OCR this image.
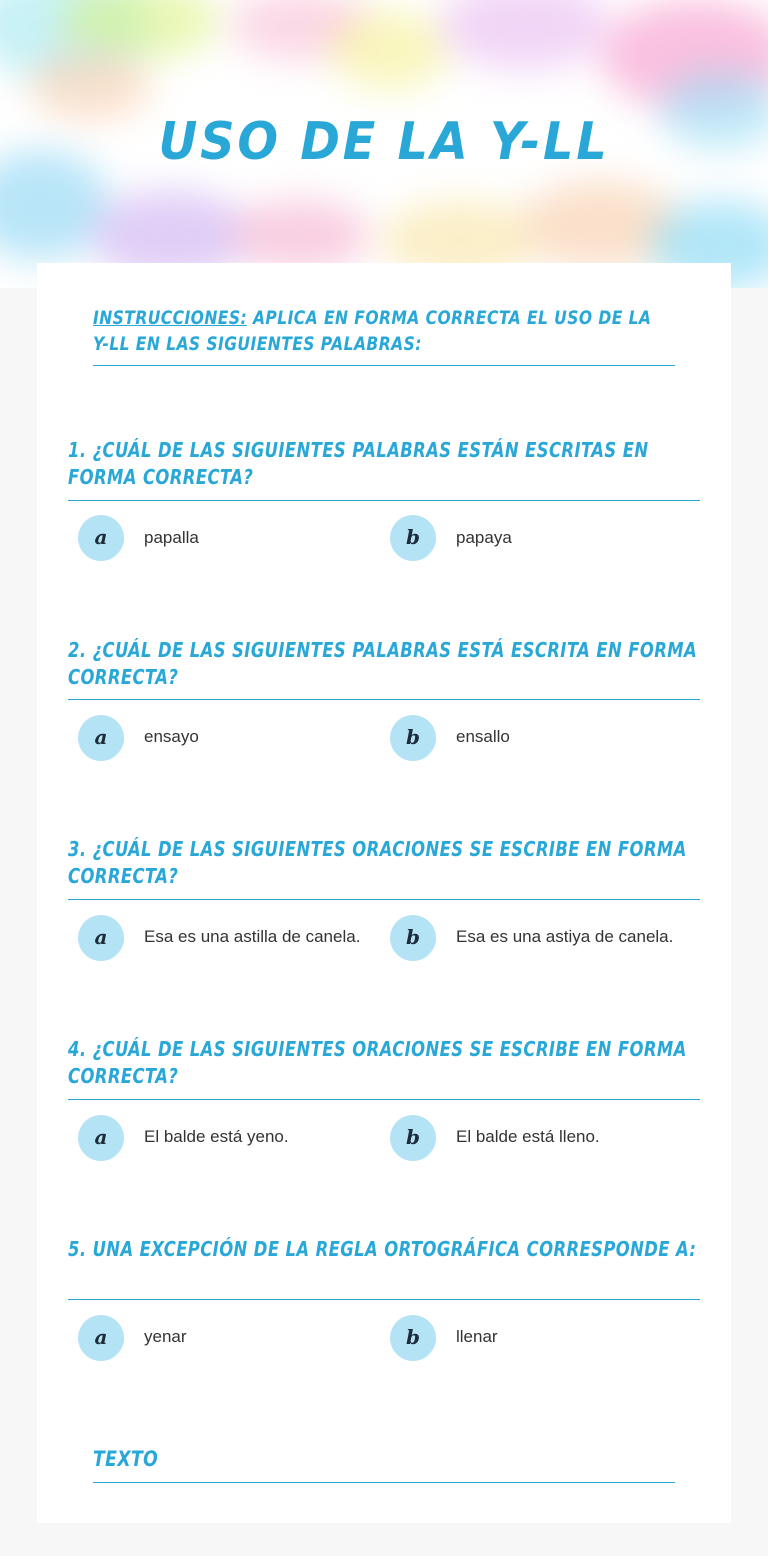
USO DE LA Y-LL
INSTRUCCIONES: APLICA EN FORMA CORRECTA EL USO DE LA Y-LL EN LAS SIGUIENTES PALABRAS:
1. ¿CUÁL DE LAS SIGUIENTES PALABRAS ESTÁN ESCRITAS EN FORMA CORRECTA?
a	papalla	b	papaya
2. ¿CUÁL DE LAS SIGUIENTES PALABRAS ESTÁ ESCRITA EN FORMA CORRECTA?
a	ensayo	b	ensallo
3. ¿CUÁL DE LAS SIGUIENTES ORACIONES SE ESCRIBE EN FORMA CORRECTA?
a	Esa es una astilla de canela.	b	Esa es una astiya de canela.
4. ¿CUÁL DE LAS SIGUIENTES ORACIONES SE ESCRIBE EN FORMA CORRECTA?
a	El balde está yeno.	b	El balde está lleno.
5. UNA EXCEPCIÓN DE LA REGLA ORTOGRÁFICA CORRESPONDE A:
a	yenar	b	llenar
TEXTO
